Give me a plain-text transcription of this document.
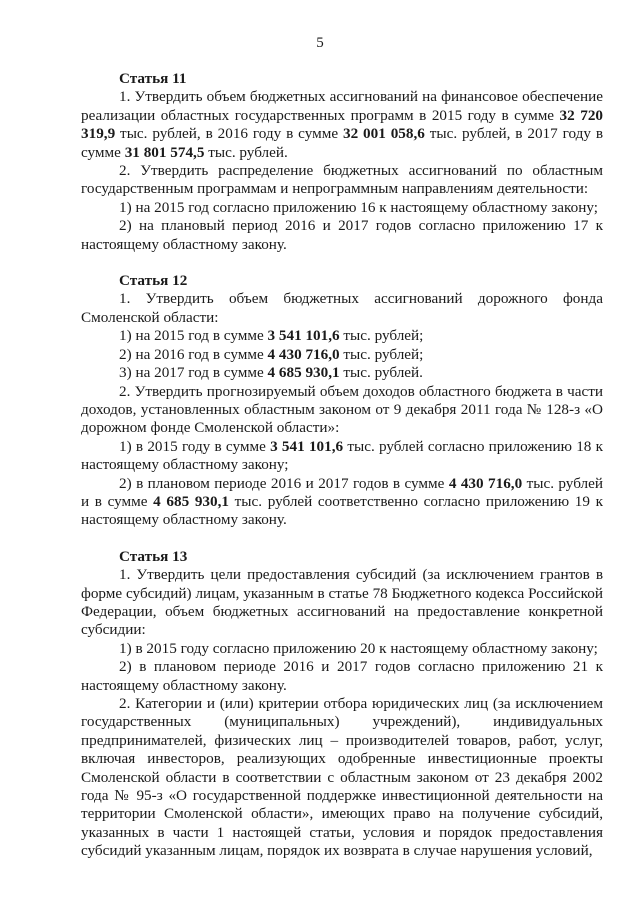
5

Статья 11

1. Утвердить объем бюджетных ассигнований на финансовое обеспечение реализации областных государственных программ в 2015 году в сумме 32 720 319,9 тыс. рублей, в 2016 году в сумме 32 001 058,6 тыс. рублей, в 2017 году в сумме 31 801 574,5 тыс. рублей.

2. Утвердить распределение бюджетных ассигнований по областным государственным программам и непрограммным направлениям деятельности:

1) на 2015 год согласно приложению 16 к настоящему областному закону;

2) на плановый период 2016 и 2017 годов согласно приложению 17 к настоящему областному закону.

Статья 12

1. Утвердить объем бюджетных ассигнований дорожного фонда Смоленской области:

1) на 2015 год в сумме 3 541 101,6 тыс. рублей;

2) на 2016 год в сумме 4 430 716,0 тыс. рублей;

3) на 2017 год в сумме 4 685 930,1 тыс. рублей.

2. Утвердить прогнозируемый объем доходов областного бюджета в части доходов, установленных областным законом от 9 декабря 2011 года № 128-з «О дорожном фонде Смоленской области»:

1) в 2015 году в сумме 3 541 101,6 тыс. рублей согласно приложению 18 к настоящему областному закону;

2) в плановом периоде 2016 и 2017 годов в сумме 4 430 716,0 тыс. рублей и в сумме 4 685 930,1 тыс. рублей соответственно согласно приложению 19 к настоящему областному закону.

Статья 13

1. Утвердить цели предоставления субсидий (за исключением грантов в форме субсидий) лицам, указанным в статье 78 Бюджетного кодекса Российской Федерации, объем бюджетных ассигнований на предоставление конкретной субсидии:

1) в 2015 году согласно приложению 20 к настоящему областному закону;

2) в плановом периоде 2016 и 2017 годов согласно приложению 21 к настоящему областному закону.

2. Категории и (или) критерии отбора юридических лиц (за исключением государственных (муниципальных) учреждений), индивидуальных предпринимателей, физических лиц – производителей товаров, работ, услуг, включая инвесторов, реализующих одобренные инвестиционные проекты Смоленской области в соответствии с областным законом от 23 декабря 2002 года № 95-з «О государственной поддержке инвестиционной деятельности на территории Смоленской области», имеющих право на получение субсидий, указанных в части 1 настоящей статьи, условия и порядок предоставления субсидий указанным лицам, порядок их возврата в случае нарушения условий,
